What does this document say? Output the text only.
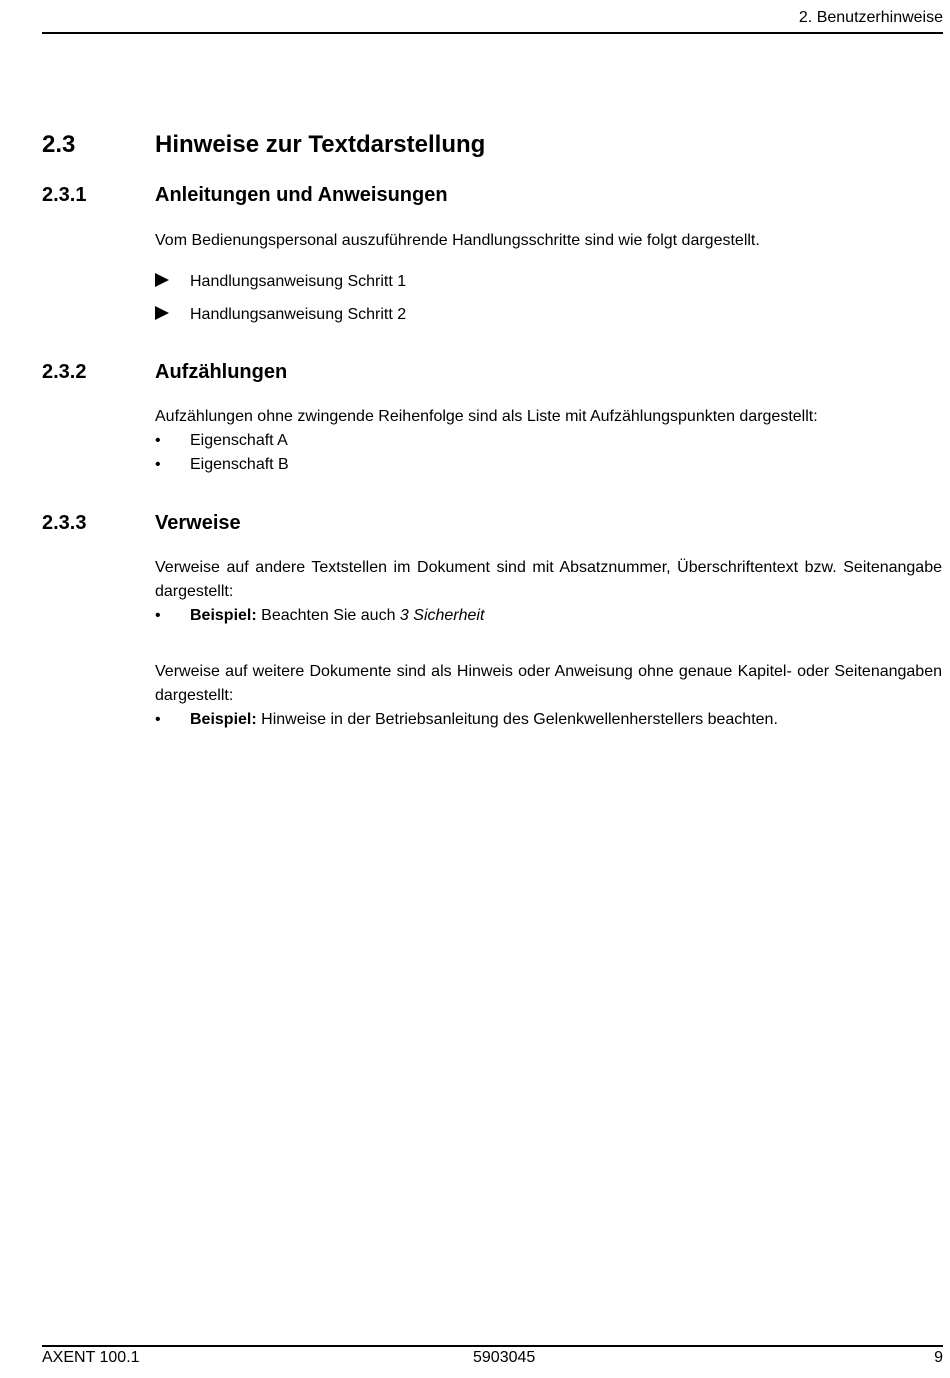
2. Benutzerhinweise
2.3	Hinweise zur Textdarstellung
2.3.1	Anleitungen und Anweisungen
Vom Bedienungspersonal auszuführende Handlungsschritte sind wie folgt dargestellt.
Handlungsanweisung Schritt 1
Handlungsanweisung Schritt 2
2.3.2	Aufzählungen
Aufzählungen ohne zwingende Reihenfolge sind als Liste mit Aufzählungspunkten dargestellt:
• Eigenschaft A
• Eigenschaft B
2.3.3	Verweise
Verweise auf andere Textstellen im Dokument sind mit Absatznummer, Überschriftentext bzw. Seitenangabe dargestellt:
• Beispiel: Beachten Sie auch 3 Sicherheit
Verweise auf weitere Dokumente sind als Hinweis oder Anweisung ohne genaue Kapitel- oder Seitenangaben dargestellt:
• Beispiel: Hinweise in der Betriebsanleitung des Gelenkwellenherstellers beachten.
AXENT 100.1	5903045	9
